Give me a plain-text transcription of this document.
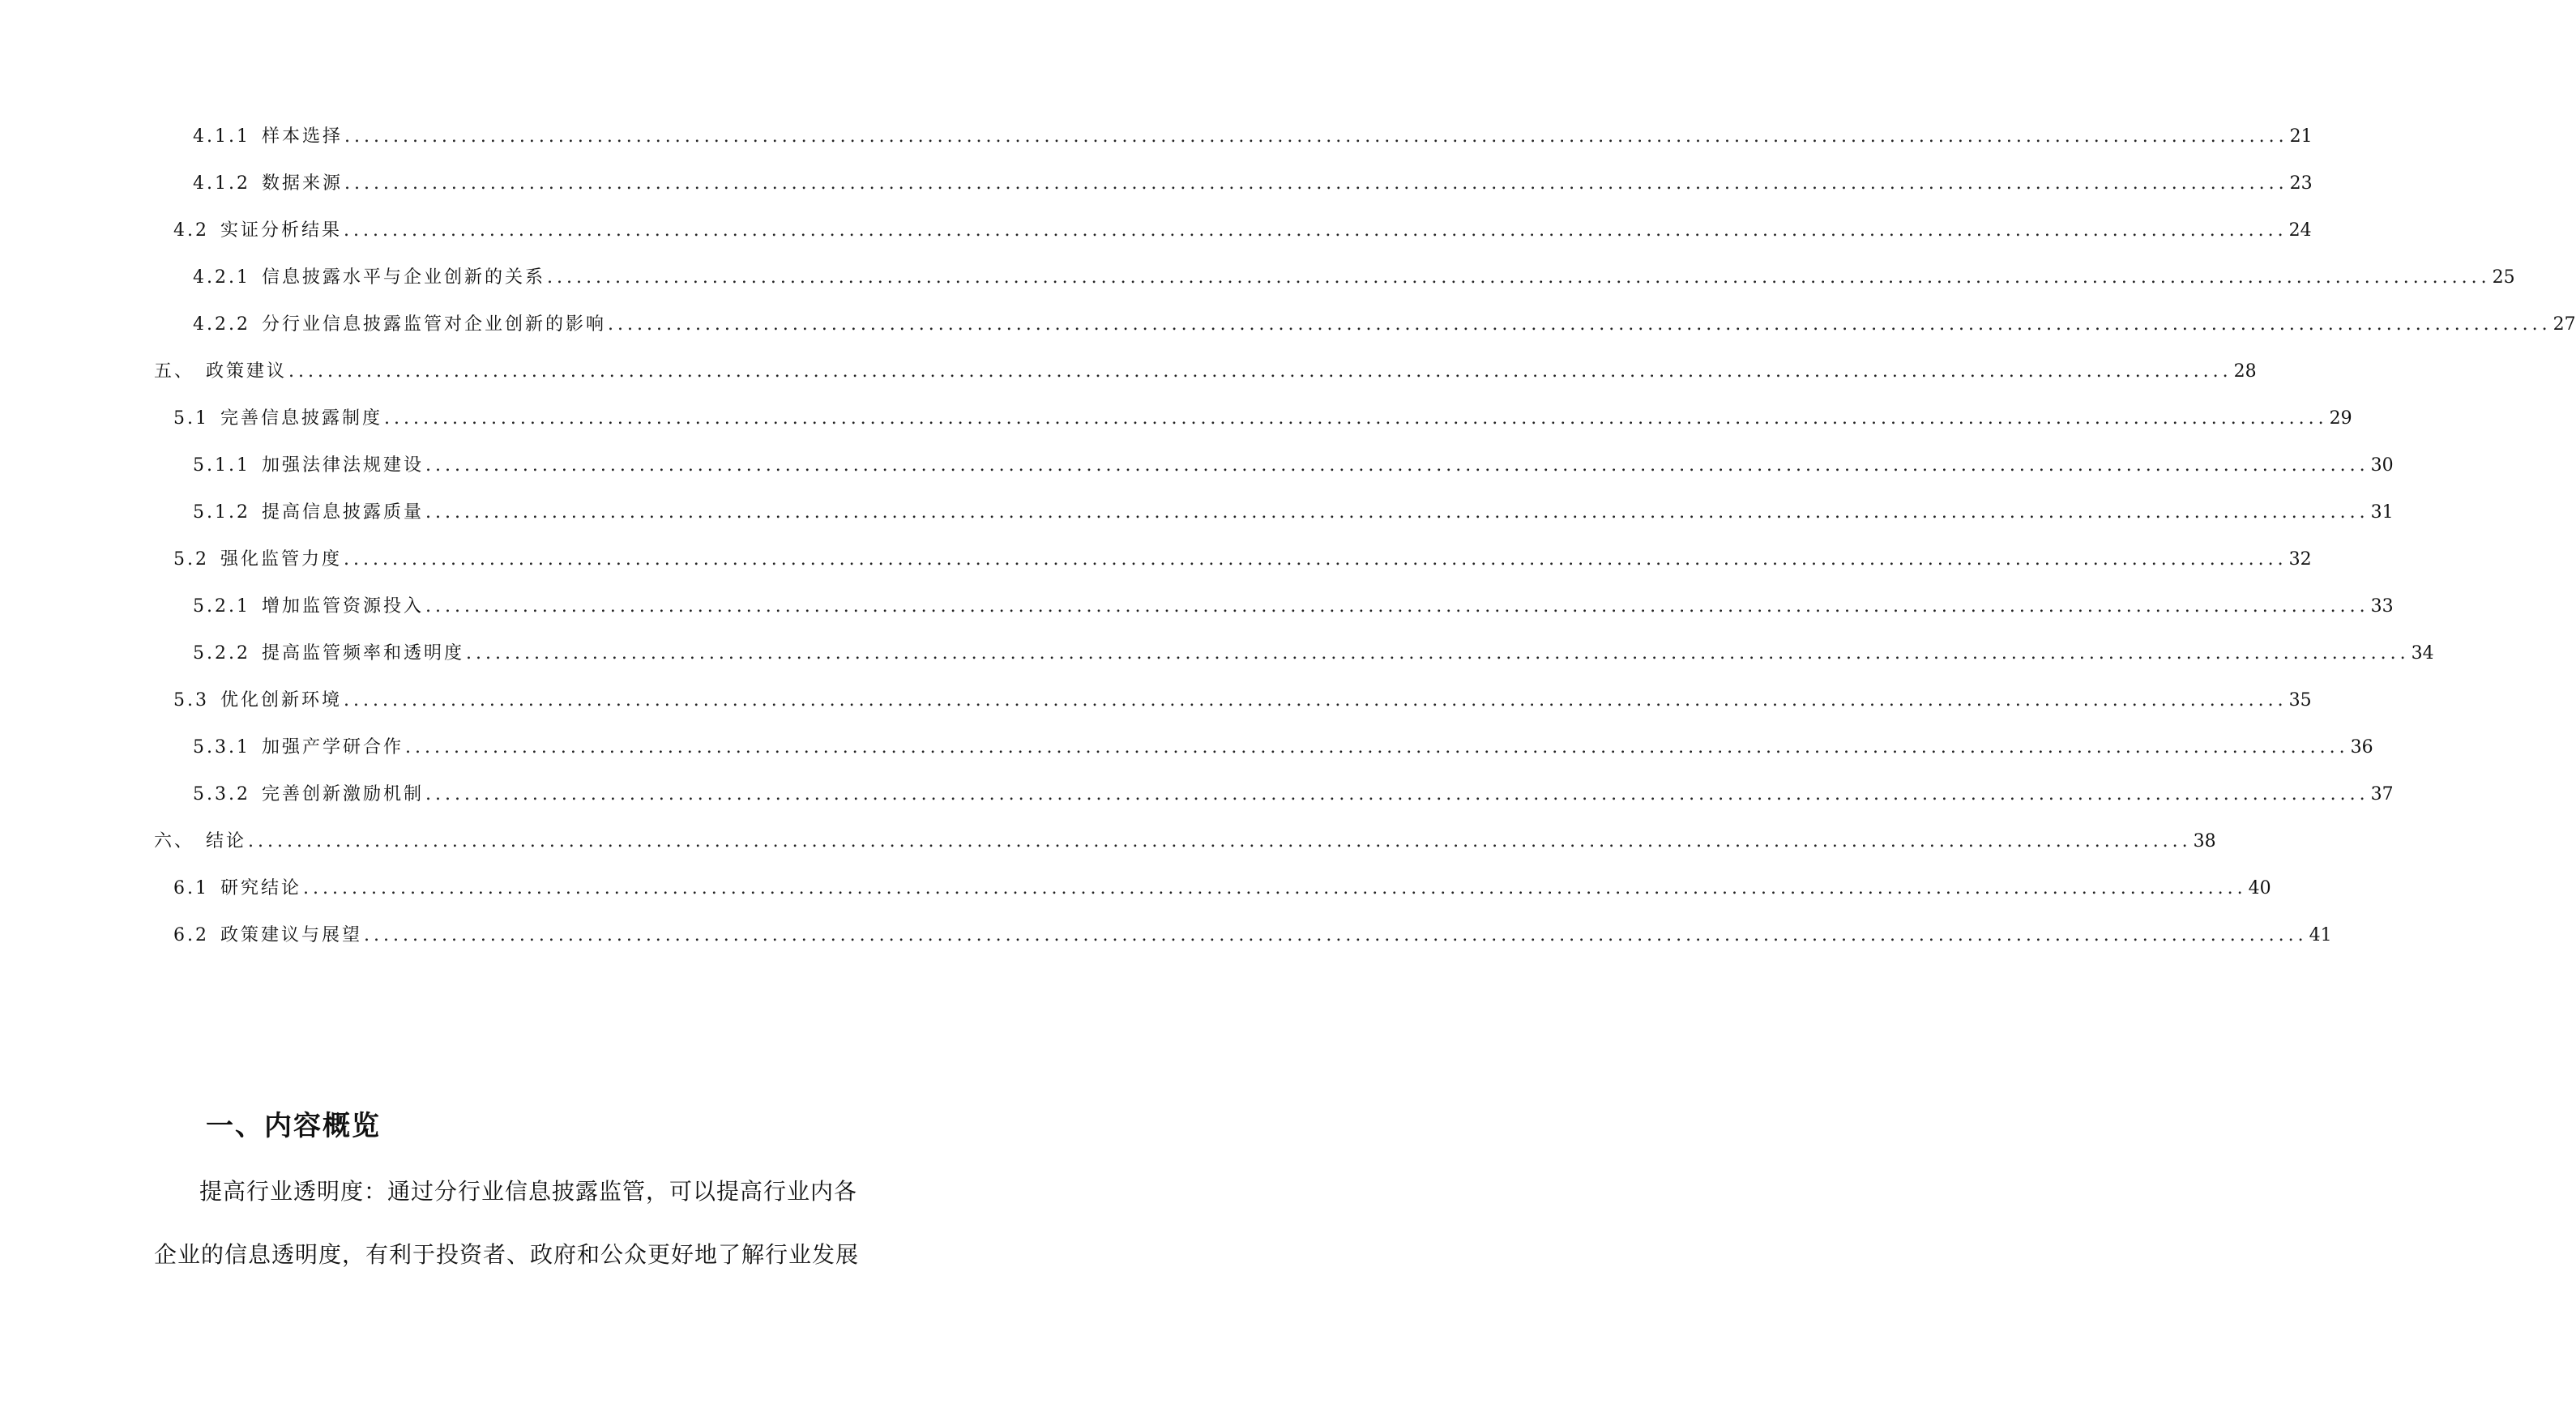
4.1.1 样本选择 ........................................................................................................................................................................................................ 21
4.1.2 数据来源 ........................................................................................................................................................................................................ 23
4.2 实证分析结果 ........................................................................................................................................................................................................ 24
4.2.1 信息披露水平与企业创新的关系 ........................................................................................................................................................................................................ 25
4.2.2 分行业信息披露监管对企业创新的影响 ........................................................................................................................................................................................................ 27
五、 政策建议 ........................................................................................................................................................................................................ 28
5.1 完善信息披露制度 ........................................................................................................................................................................................................ 29
5.1.1 加强法律法规建设 ........................................................................................................................................................................................................ 30
5.1.2 提高信息披露质量 ........................................................................................................................................................................................................ 31
5.2 强化监管力度 ........................................................................................................................................................................................................ 32
5.2.1 增加监管资源投入 ........................................................................................................................................................................................................ 33
5.2.2 提高监管频率和透明度 ........................................................................................................................................................................................................ 34
5.3 优化创新环境 ........................................................................................................................................................................................................ 35
5.3.1 加强产学研合作 ........................................................................................................................................................................................................ 36
5.3.2 完善创新激励机制 ........................................................................................................................................................................................................ 37
六、 结论 ........................................................................................................................................................................................................ 38
6.1 研究结论 ........................................................................................................................................................................................................ 40
6.2 政策建议与展望 ........................................................................................................................................................................................................ 41
一、内容概览

提高行业透明度：通过分行业信息披露监管，可以提高行业内各企业的信息透明度，有利于投资者、政府和公众更好地了解行业发展
